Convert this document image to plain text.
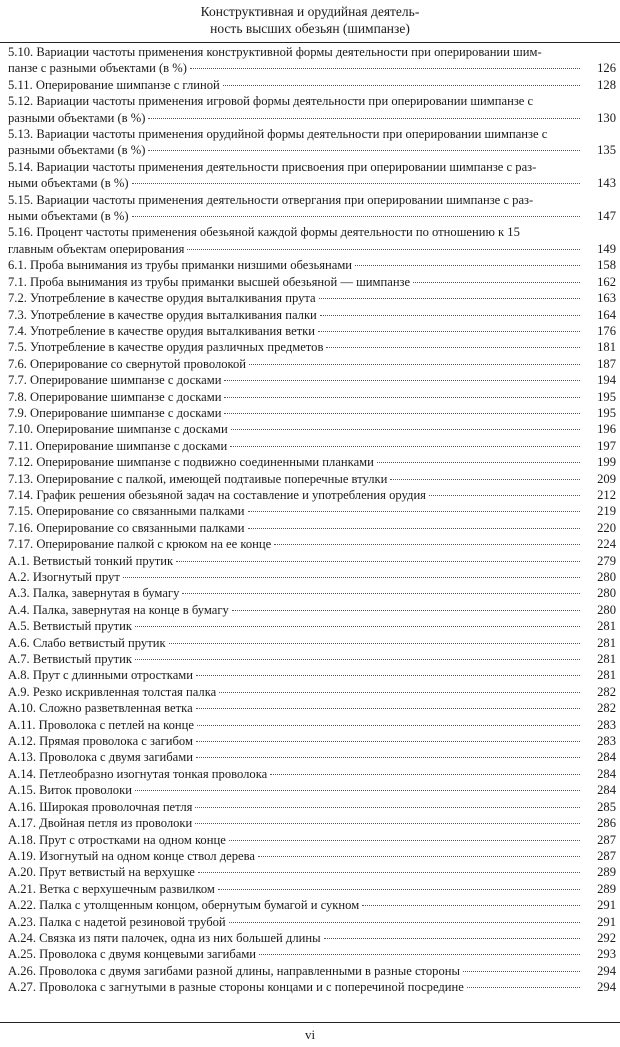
Конструктивная и орудийная деятель-
ность высших обезьян (шимпанзе)
5.10. Вариации частоты применения конструктивной формы деятельности при оперировании шим-
панзе с разными объектами (в %)	126
5.11. Оперирование шимпанзе с глиной	128
5.12. Вариации частоты применения игровой формы деятельности при оперировании шимпанзе с
разными объектами (в %)	130
5.13. Вариации частоты применения орудийной формы деятельности при оперировании шимпанзе с
разными объектами (в %)	135
5.14. Вариации частоты применения деятельности присвоения при оперировании шимпанзе с раз-
ными объектами (в %)	143
5.15. Вариации частоты применения деятельности отвергания при оперировании шимпанзе с раз-
ными объектами (в %)	147
5.16. Процент частоты применения обезьяной каждой формы деятельности по отношению к 15
главным объектам оперирования	149
6.1. Проба вынимания из трубы приманки низшими обезьянами	158
7.1. Проба вынимания из трубы приманки высшей обезьяной — шимпанзе	162
7.2. Употребление в качестве орудия выталкивания прута	163
7.3. Употребление в качестве орудия выталкивания палки	164
7.4. Употребление в качестве орудия выталкивания ветки	176
7.5. Употребление в качестве орудия различных предметов	181
7.6. Оперирование со свернутой проволокой	187
7.7. Оперирование шимпанзе с досками	194
7.8. Оперирование шимпанзе с досками	195
7.9. Оперирование шимпанзе с досками	195
7.10. Оперирование шимпанзе с досками	196
7.11. Оперирование шимпанзе с досками	197
7.12. Оперирование шимпанзе с подвижно соединенными планками	199
7.13. Оперирование с палкой, имеющей подтаивые поперечные втулки	209
7.14. График решения обезьяной задач на составление и употребления орудия	212
7.15. Оперирование со связанными палками	219
7.16. Оперирование со связанными палками	220
7.17. Оперирование палкой с крюком на ее конце	224
А.1. Ветвистый тонкий прутик	279
А.2. Изогнутый прут	280
А.3. Палка, завернутая в бумагу	280
А.4. Палка, завернутая на конце в бумагу	280
А.5. Ветвистый прутик	281
А.6. Слабо ветвистый прутик	281
А.7. Ветвистый прутик	281
А.8. Прут с длинными отростками	281
А.9. Резко искривленная толстая палка	282
А.10. Сложно разветвленная ветка	282
А.11. Проволока с петлей на конце	283
А.12. Прямая проволока с загибом	283
А.13. Проволока с двумя загибами	284
А.14. Петлеобразно изогнутая тонкая проволока	284
А.15. Виток проволоки	284
А.16. Широкая проволочная петля	285
А.17. Двойная петля из проволоки	286
А.18. Прут с отростками на одном конце	287
А.19. Изогнутый на одном конце ствол дерева	287
А.20. Прут ветвистый на верхушке	289
А.21. Ветка с верхушечным развилком	289
А.22. Палка с утолщенным концом, обернутым бумагой и сукном	291
А.23. Палка с надетой резиновой трубой	291
А.24. Связка из пяти палочек, одна из них большей длины	292
А.25. Проволока с двумя концевыми загибами	293
А.26. Проволока с двумя загибами разной длины, направленными в разные стороны	294
А.27. Проволока с загнутыми в разные стороны концами и с поперечиной посредине	294
vi
